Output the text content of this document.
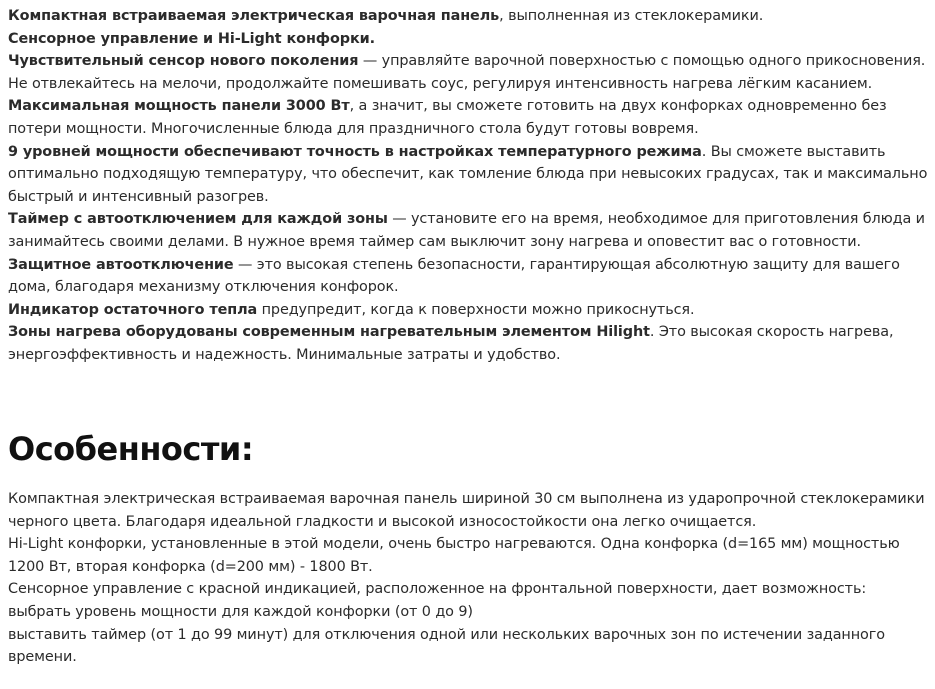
Компактная встраиваемая электрическая варочная панель, выполненная из стеклокерамики.

Сенсорное управление и Hi-Light конфорки.

Чувствительный сенсор нового поколения — управляйте варочной поверхностью с помощью одного прикосновения. Не отвлекайтесь на мелочи, продолжайте помешивать соус, регулируя интенсивность нагрева лёгким касанием.

Максимальная мощность панели 3000 Вт, а значит, вы сможете готовить на двух конфорках одновременно без потери мощности. Многочисленные блюда для праздничного стола будут готовы вовремя.

9 уровней мощности обеспечивают точность в настройках температурного режима. Вы сможете выставить оптимально подходящую температуру, что обеспечит, как томление блюда при невысоких градусах, так и максимально быстрый и интенсивный разогрев.

Таймер с автоотключением для каждой зоны — установите его на время, необходимое для приготовления блюда и занимайтесь своими делами. В нужное время таймер сам выключит зону нагрева и оповестит вас о готовности.

Защитное автоотключение — это высокая степень безопасности, гарантирующая абсолютную защиту для вашего дома, благодаря механизму отключения конфорок.

Индикатор остаточного тепла предупредит, когда к поверхности можно прикоснуться.

Зоны нагрева оборудованы современным нагревательным элементом Hilight. Это высокая скорость нагрева, энергоэффективность и надежность. Минимальные затраты и удобство.

Особенности:

Компактная электрическая встраиваемая варочная панель шириной 30 см выполнена из ударопрочной стеклокерамики черного цвета. Благодаря идеальной гладкости и высокой износостойкости она легко очищается.

Hi-Light конфорки, установленные в этой модели, очень быстро нагреваются. Одна конфорка (d=165 мм) мощностью 1200 Вт, вторая конфорка (d=200 мм) - 1800 Вт.

Сенсорное управление с красной индикацией, расположенное на фронтальной поверхности, дает возможность:

выбрать уровень мощности для каждой конфорки (от 0 до 9)

выставить таймер (от 1 до 99 минут) для отключения одной или нескольких варочных зон по истечении заданного времени.
